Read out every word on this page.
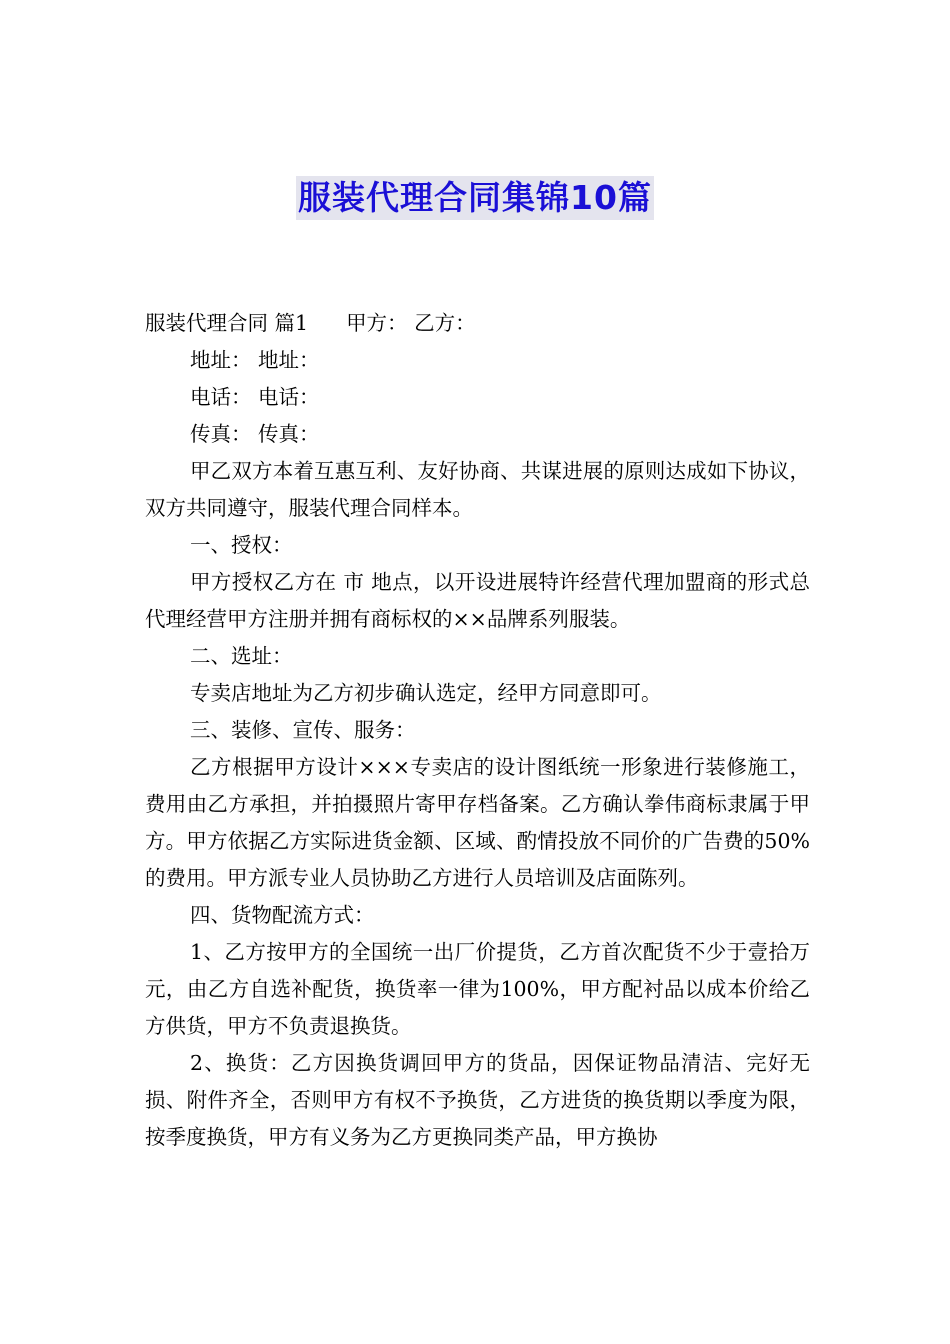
服装代理合同集锦10篇

服装代理合同 篇1 甲方： 乙方：

地址： 地址：

电话： 电话：

传真： 传真：

甲乙双方本着互惠互利、友好协商、共谋进展的原则达成如下协议，双方共同遵守，服装代理合同样本。

一、授权：

甲方授权乙方在 市 地点，以开设进展特许经营代理加盟商的形式总代理经营甲方注册并拥有商标权的××品牌系列服装。

二、选址：

专卖店地址为乙方初步确认选定，经甲方同意即可。

三、装修、宣传、服务：

乙方根据甲方设计×××专卖店的设计图纸统一形象进行装修施工，费用由乙方承担，并拍摄照片寄甲存档备案。乙方确认拳伟商标隶属于甲方。甲方依据乙方实际进货金额、区域、酌情投放不同价的广告费的50%的费用。甲方派专业人员协助乙方进行人员培训及店面陈列。

四、货物配流方式：

1、乙方按甲方的全国统一出厂价提货，乙方首次配货不少于壹拾万元，由乙方自选补配货，换货率一律为100%，甲方配衬品以成本价给乙方供货，甲方不负责退换货。

2、换货：乙方因换货调回甲方的货品，因保证物品清洁、完好无损、附件齐全，否则甲方有权不予换货，乙方进货的换货期以季度为限，按季度换货，甲方有义务为乙方更换同类产品，甲方换协
